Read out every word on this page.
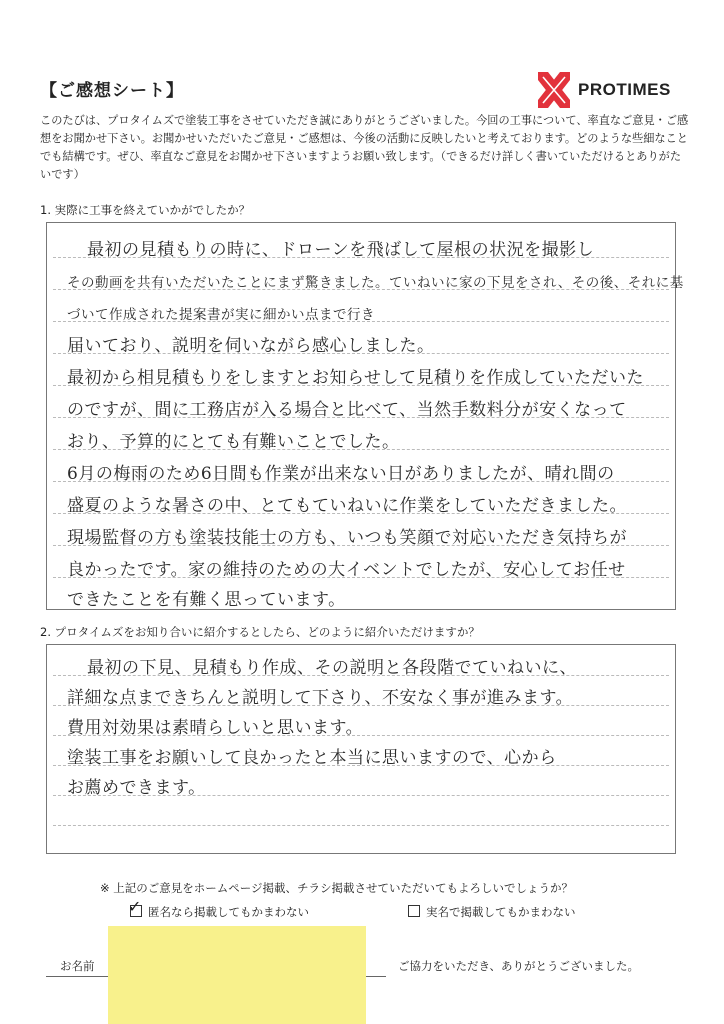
【ご感想シート】	PROTIMES
このたびは、プロタイムズで塗装工事をさせていただき誠にありがとうございました。今回の工事について、率直なご意見・ご感想をお聞かせ下さい。お聞かせいただいたご意見・ご感想は、今後の活動に反映したいと考えております。どのような些細なことでも結構です。ぜひ、率直なご意見をお聞かせ下さいますようお願い致します。（できるだけ詳しく書いていただけるとありがたいです）
1. 実際に工事を終えていかがでしたか？
最初の見積もりの時に、ドローンを飛ばして屋根の状況を撮影し
その動画を共有いただいたことにまず驚きました。ていねいに家の下見をされ、その後、それに基づいて作成された提案書が実に細かい点まで行き
届いており、説明を伺いながら感心しました。
最初から相見積もりをしますとお知らせして見積りを作成していただいた
のですが、間に工務店が入る場合と比べて、当然手数料分が安くなって
おり、予算的にとても有難いことでした。
6月の梅雨のため6日間も作業が出来ない日がありましたが、晴れ間の
盛夏のような暑さの中、とてもていねいに作業をしていただきました。
現場監督の方も塗装技能士の方も、いつも笑顔で対応いただき気持ちが
良かったです。家の維持のための大イベントでしたが、安心してお任せ
できたことを有難く思っています。
2. プロタイムズをお知り合いに紹介するとしたら、どのように紹介いただけますか？
最初の下見、見積もり作成、その説明と各段階でていねいに、
詳細な点まできちんと説明して下さり、不安なく事が進みます。
費用対効果は素晴らしいと思います。
塗装工事をお願いして良かったと本当に思いますので、心から
お薦めできます。
※ 上記のご意見をホームページ掲載、チラシ掲載させていただいてもよろしいでしょうか？
✓ 匿名なら掲載してもかまわない	実名で掲載してもかまわない
お名前	ご協力をいただき、ありがとうございました。
